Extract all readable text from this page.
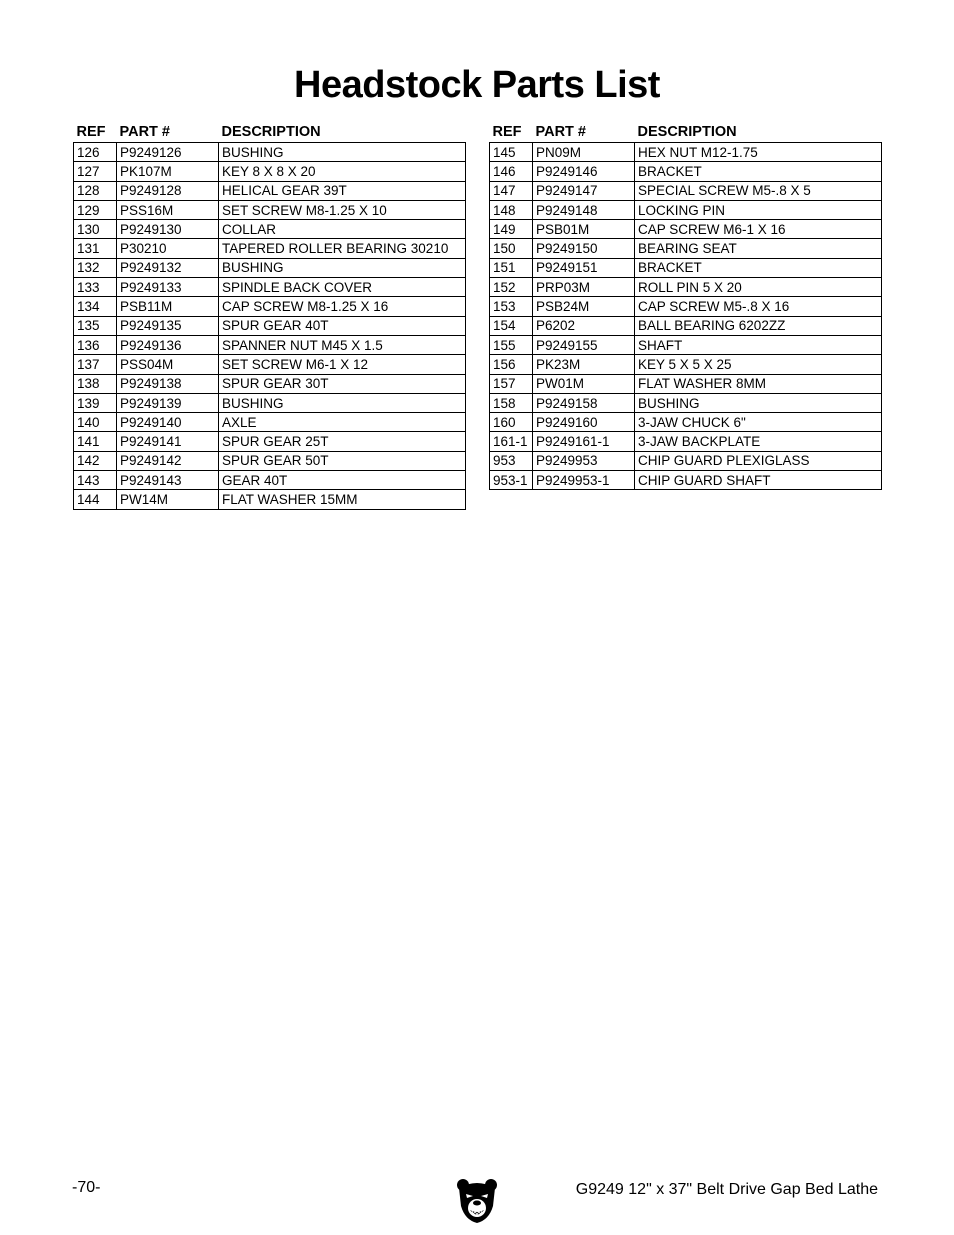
Headstock Parts List
REF	PART #	DESCRIPTION
126	P9249126	BUSHING
127	PK107M	KEY 8 X 8 X 20
128	P9249128	HELICAL GEAR 39T
129	PSS16M	SET SCREW M8-1.25 X 10
130	P9249130	COLLAR
131	P30210	TAPERED ROLLER BEARING 30210
132	P9249132	BUSHING
133	P9249133	SPINDLE BACK COVER
134	PSB11M	CAP SCREW M8-1.25 X 16
135	P9249135	SPUR GEAR 40T
136	P9249136	SPANNER NUT M45 X 1.5
137	PSS04M	SET SCREW M6-1 X 12
138	P9249138	SPUR GEAR 30T
139	P9249139	BUSHING
140	P9249140	AXLE
141	P9249141	SPUR GEAR 25T
142	P9249142	SPUR GEAR 50T
143	P9249143	GEAR 40T
144	PW14M	FLAT WASHER 15MM
REF	PART #	DESCRIPTION
145	PN09M	HEX NUT M12-1.75
146	P9249146	BRACKET
147	P9249147	SPECIAL SCREW M5-.8 X 5
148	P9249148	LOCKING PIN
149	PSB01M	CAP SCREW M6-1 X 16
150	P9249150	BEARING SEAT
151	P9249151	BRACKET
152	PRP03M	ROLL PIN 5 X 20
153	PSB24M	CAP SCREW M5-.8 X 16
154	P6202	BALL BEARING 6202ZZ
155	P9249155	SHAFT
156	PK23M	KEY 5 X 5 X 25
157	PW01M	FLAT WASHER 8MM
158	P9249158	BUSHING
160	P9249160	3-JAW CHUCK 6"
161-1	P9249161-1	3-JAW BACKPLATE
953	P9249953	CHIP GUARD PLEXIGLASS
953-1	P9249953-1	CHIP GUARD SHAFT
-70-	G9249 12" x 37" Belt Drive Gap Bed Lathe
